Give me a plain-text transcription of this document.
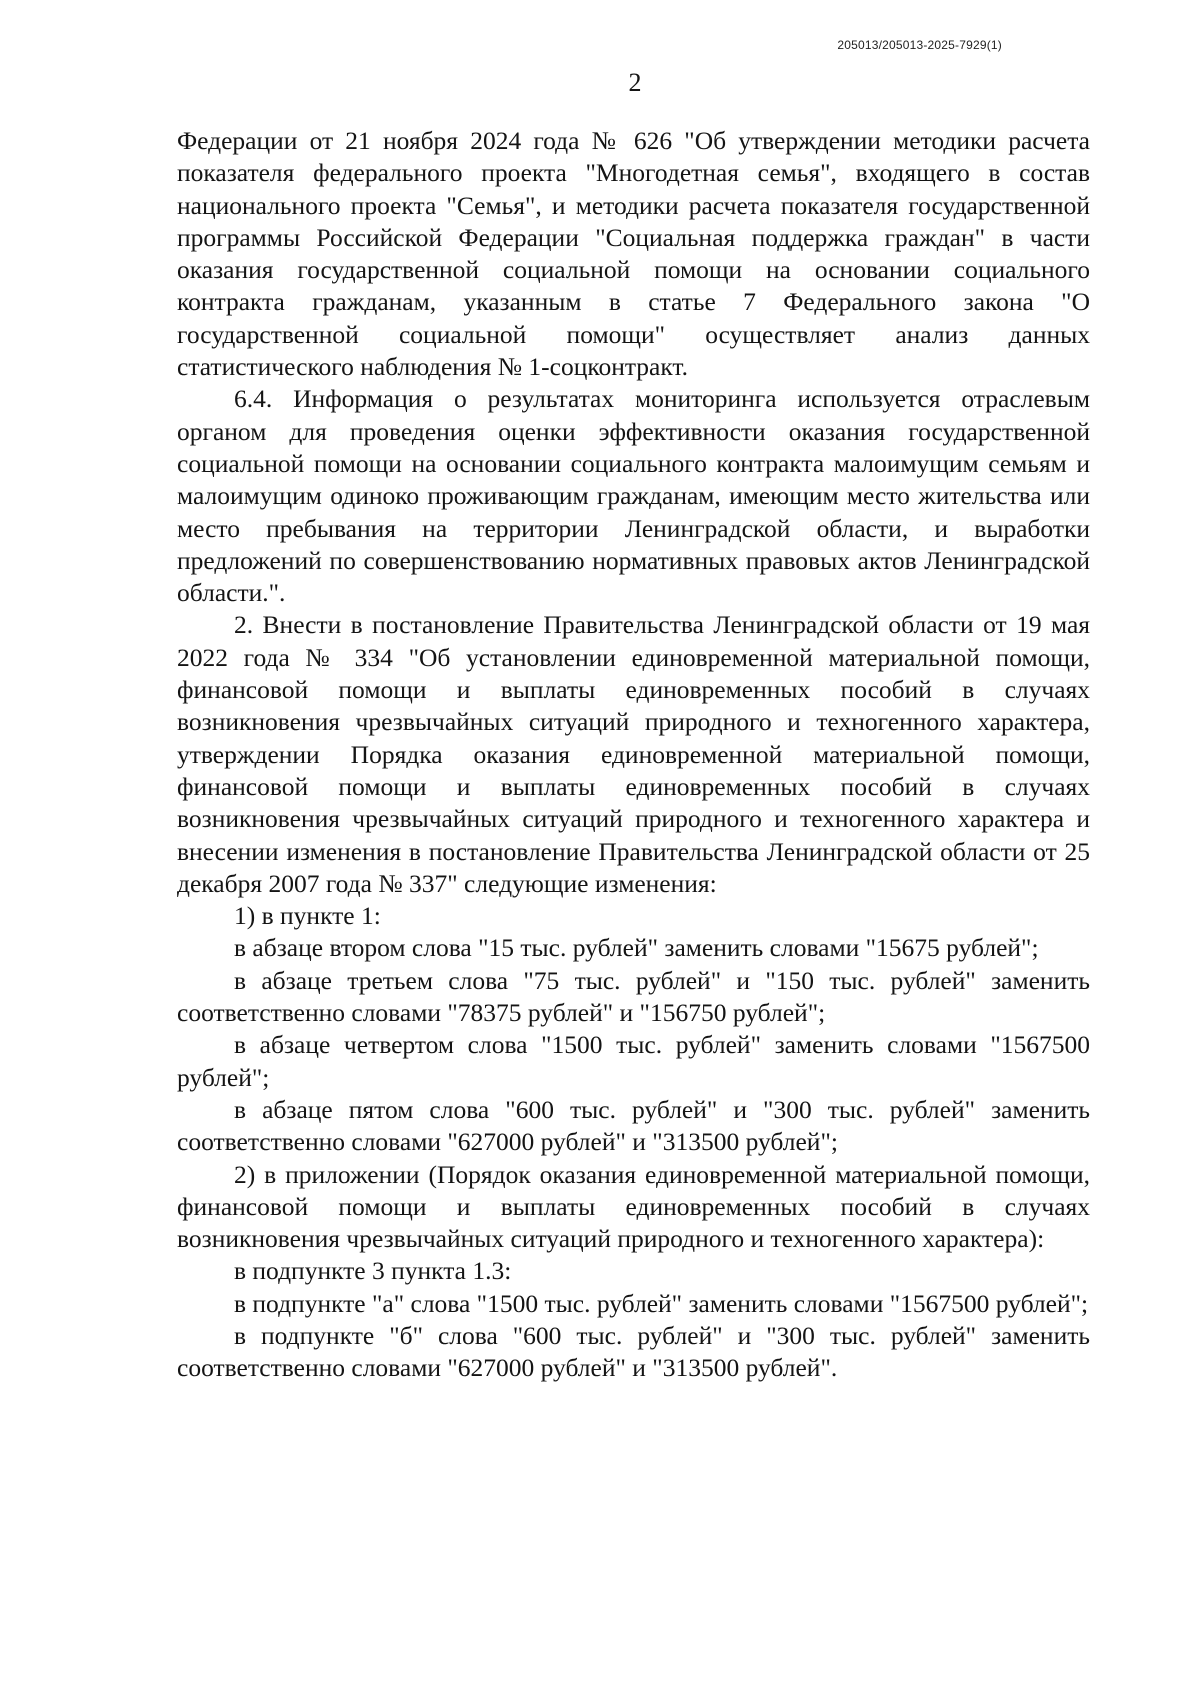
205013/205013-2025-7929(1)
2

Федерации от 21 ноября 2024 года № 626 "Об утверждении методики расчета показателя федерального проекта "Многодетная семья", входящего в состав национального проекта "Семья", и методики расчета показателя государственной программы Российской Федерации "Социальная поддержка граждан" в части оказания государственной социальной помощи на основании социального контракта гражданам, указанным в статье 7 Федерального закона "О государственной социальной помощи" осуществляет анализ данных статистического наблюдения № 1-соцконтракт.

6.4. Информация о результатах мониторинга используется отраслевым органом для проведения оценки эффективности оказания государственной социальной помощи на основании социального контракта малоимущим семьям и малоимущим одиноко проживающим гражданам, имеющим место жительства или место пребывания на территории Ленинградской области, и выработки предложений по совершенствованию нормативных правовых актов Ленинградской области.".

2. Внести в постановление Правительства Ленинградской области от 19 мая 2022 года № 334 "Об установлении единовременной материальной помощи, финансовой помощи и выплаты единовременных пособий в случаях возникновения чрезвычайных ситуаций природного и техногенного характера, утверждении Порядка оказания единовременной материальной помощи, финансовой помощи и выплаты единовременных пособий в случаях возникновения чрезвычайных ситуаций природного и техногенного характера и внесении изменения в постановление Правительства Ленинградской области от 25 декабря 2007 года № 337" следующие изменения:

1) в пункте 1:

в абзаце втором слова "15 тыс. рублей" заменить словами "15675 рублей";

в абзаце третьем слова "75 тыс. рублей" и "150 тыс. рублей" заменить соответственно словами "78375 рублей" и "156750 рублей";

в абзаце четвертом слова "1500 тыс. рублей" заменить словами "1567500 рублей";

в абзаце пятом слова "600 тыс. рублей" и "300 тыс. рублей" заменить соответственно словами "627000 рублей" и "313500 рублей";

2) в приложении (Порядок оказания единовременной материальной помощи, финансовой помощи и выплаты единовременных пособий в случаях возникновения чрезвычайных ситуаций природного и техногенного характера):

в подпункте 3 пункта 1.3:

в подпункте "а" слова "1500 тыс. рублей" заменить словами "1567500 рублей";

в подпункте "б" слова "600 тыс. рублей" и "300 тыс. рублей" заменить соответственно словами "627000 рублей" и "313500 рублей".
